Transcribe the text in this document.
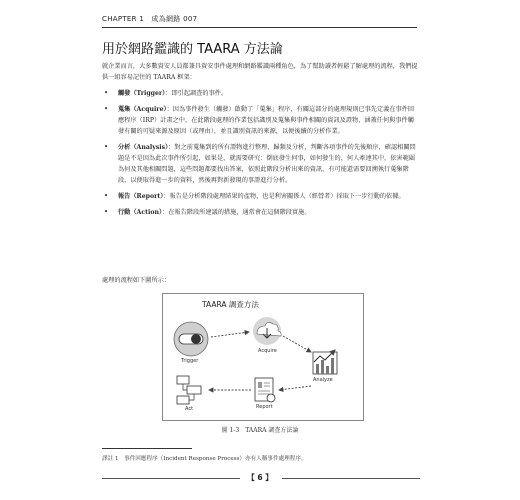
CHAPTER 1　成為網路 007
用於網路鑑識的 TAARA 方法論
就企業而言，大多數資安人員都兼具資安事件處理和網路鑑識兩種角色，為了幫助讀者輕鬆了解處理的流程，我們提供一組容易記住的 TAARA 框架：
•	觸發（Trigger）：即引起調查的事件。
•	蒐集（Acquire）：因為事件發生（觸發）啟動了「蒐集」程序，有關這部分的處理規則已事先定義在事件回應程序（IRP）計畫之中，在此階段處理的作業包括識別及蒐集與事件相關的資訊及證物，涵蓋任何與事件觸發有關的可疑來源及原因（或理由），並且識別資訊的來源，以便後續的分析作業。
•	分析（Analysis）：對之前蒐集到的所有證物進行整理、歸類及分析，判斷各項事件的先後順序，確認相關問題是不是因為此次事件所引起，如果是，就需要研究：倒底發生何事，如何發生的，何人牽連其中，依害範圍為何及其他相關問題，這些問題都要找出答案，依照此階段分析出來的資訊，有可能還需要回溯執行蒐集階段，以便取得進一步的資料，然後再對新發現的事證進行分析。
•	報告（Report）：報告是分析階段處理結果的產物，也是利害關係人（經營者）採取下一步行動的依據。
•	行動（Action）：在報告階段所建議的措施，通常會在這個階段實施。
處理的流程如下圖所示：
TAARA 調查方法
Trigger
Acquire
Analyze
Report
Act
圖 1-3　TAARA 調查方法論
譯註 1　事件回應程序（Incident Response Process）亦有人稱事件處理程序。
【 6 】
